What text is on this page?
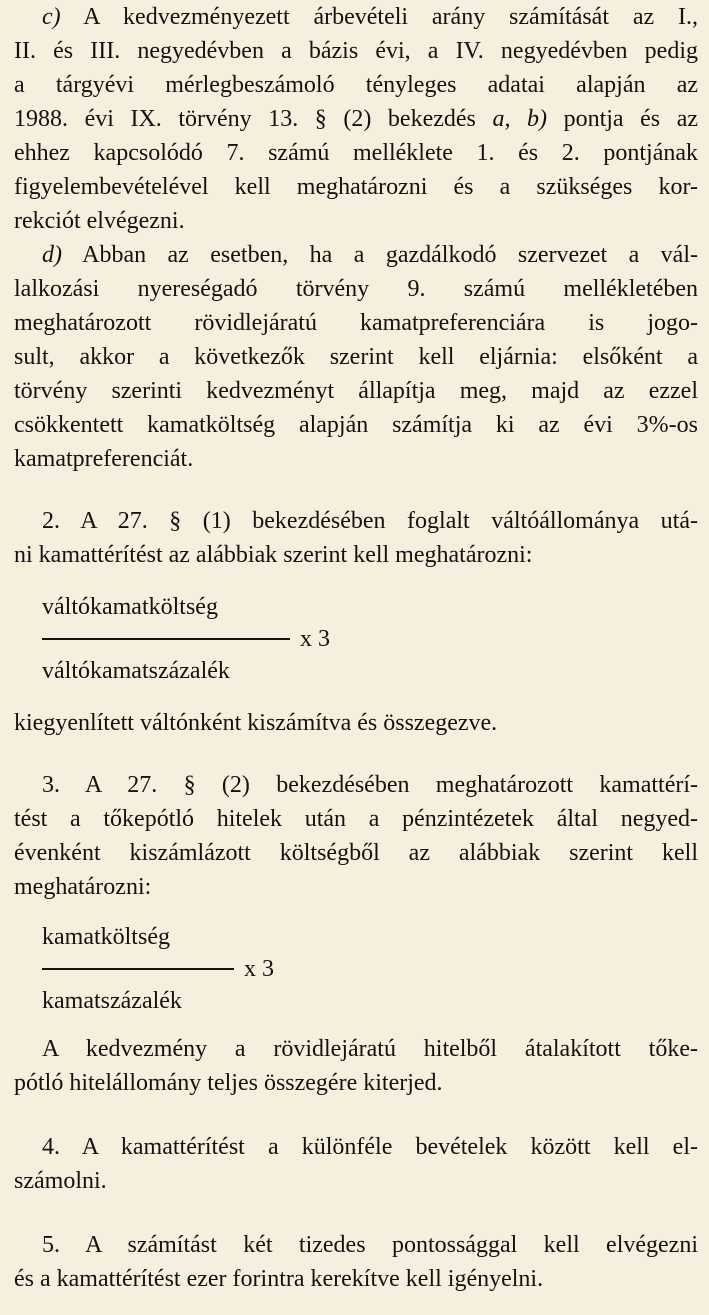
c) A kedvezményezett árbevételi arány számítását az I.,

II. és III. negyedévben a bázis évi, a IV. negyedévben pedig

a tárgyévi mérlegbeszámoló tényleges adatai alapján az

1988. évi IX. törvény 13. § (2) bekezdés a, b) pontja és az

ehhez kapcsolódó 7. számú melléklete 1. és 2. pontjának

figyelembevételével kell meghatározni és a szükséges kor-

rekciót elvégezni.

d) Abban az esetben, ha a gazdálkodó szervezet a vál-

lalkozási nyereségadó törvény 9. számú mellékletében

meghatározott rövidlejáratú kamatpreferenciára is jogo-

sult, akkor a következők szerint kell eljárnia: elsőként a

törvény szerinti kedvezményt állapítja meg, majd az ezzel

csökkentett kamatköltség alapján számítja ki az évi 3%-os

kamatpreferenciát.

2. A 27. § (1) bekezdésében foglalt váltóállománya utá-

ni kamattérítést az alábbiak szerint kell meghatározni:

váltókamatköltség
x 3
váltókamatszázalék

kiegyenlített váltónként kiszámítva és összegezve.

3. A 27. § (2) bekezdésében meghatározott kamattérí-

tést a tőkepótló hitelek után a pénzintézetek által negyed-

évenként kiszámlázott költségből az alábbiak szerint kell

meghatározni:

kamatköltség
x 3
kamatszázalék

A kedvezmény a rövidlejáratú hitelből átalakított tőke-

pótló hitelállomány teljes összegére kiterjed.

4. A kamattérítést a különféle bevételek között kell el-

számolni.

5. A számítást két tizedes pontossággal kell elvégezni

és a kamattérítést ezer forintra kerekítve kell igényelni.
